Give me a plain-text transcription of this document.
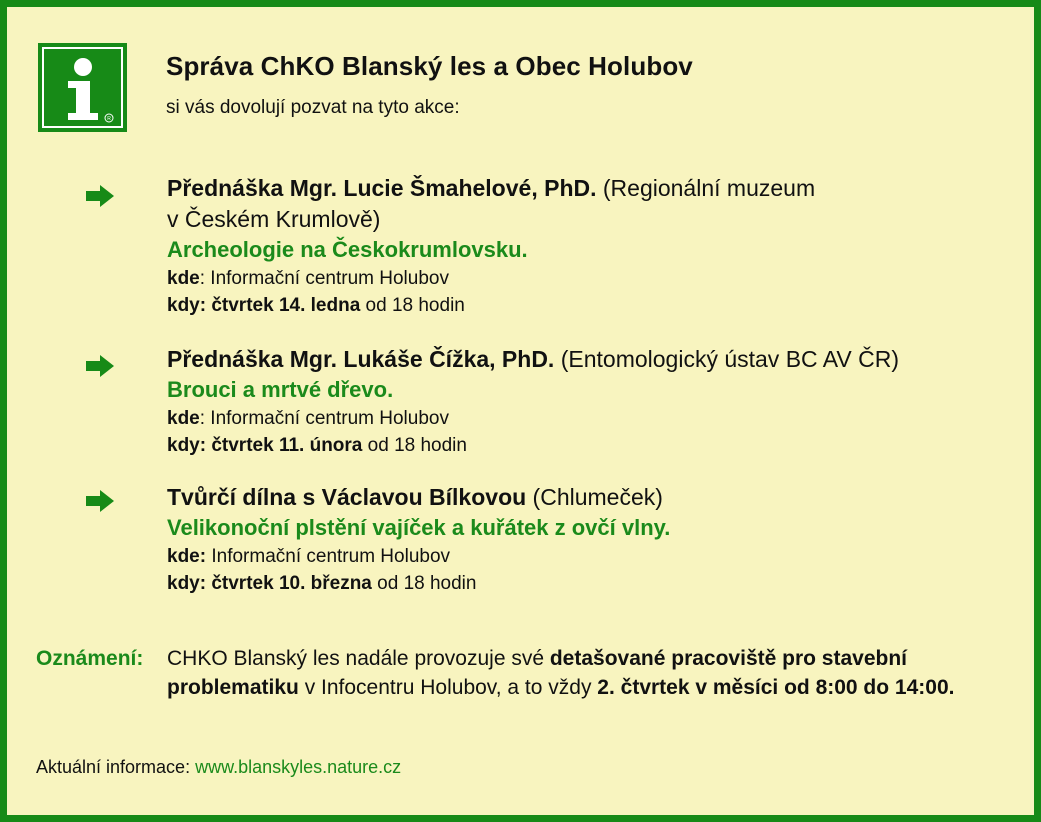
R
Správa ChKO Blanský les a Obec Holubov
si vás dovolují pozvat na tyto akce:
Přednáška Mgr. Lucie Šmahelové, PhD. (Regionální muzeum
v Českém Krumlově)
Archeologie na Českokrumlovsku.
kde: Informační centrum Holubov
kdy: čtvrtek 14. ledna od 18 hodin
Přednáška Mgr. Lukáše Čížka, PhD. (Entomologický ústav BC AV ČR)
Brouci a mrtvé dřevo.
kde: Informační centrum Holubov
kdy: čtvrtek 11. února od 18 hodin
Tvůrčí dílna s Václavou Bílkovou (Chlumeček)
Velikonoční plstění vajíček a kuřátek z ovčí vlny.
kde: Informační centrum Holubov
kdy: čtvrtek 10. března od 18 hodin
Oznámení: CHKO Blanský les nadále provozuje své detašované pracoviště pro stavební problematiku v Infocentru Holubov, a to vždy 2. čtvrtek v měsíci od 8:00 do 14:00.
Aktuální informace: www.blanskyles.nature.cz
